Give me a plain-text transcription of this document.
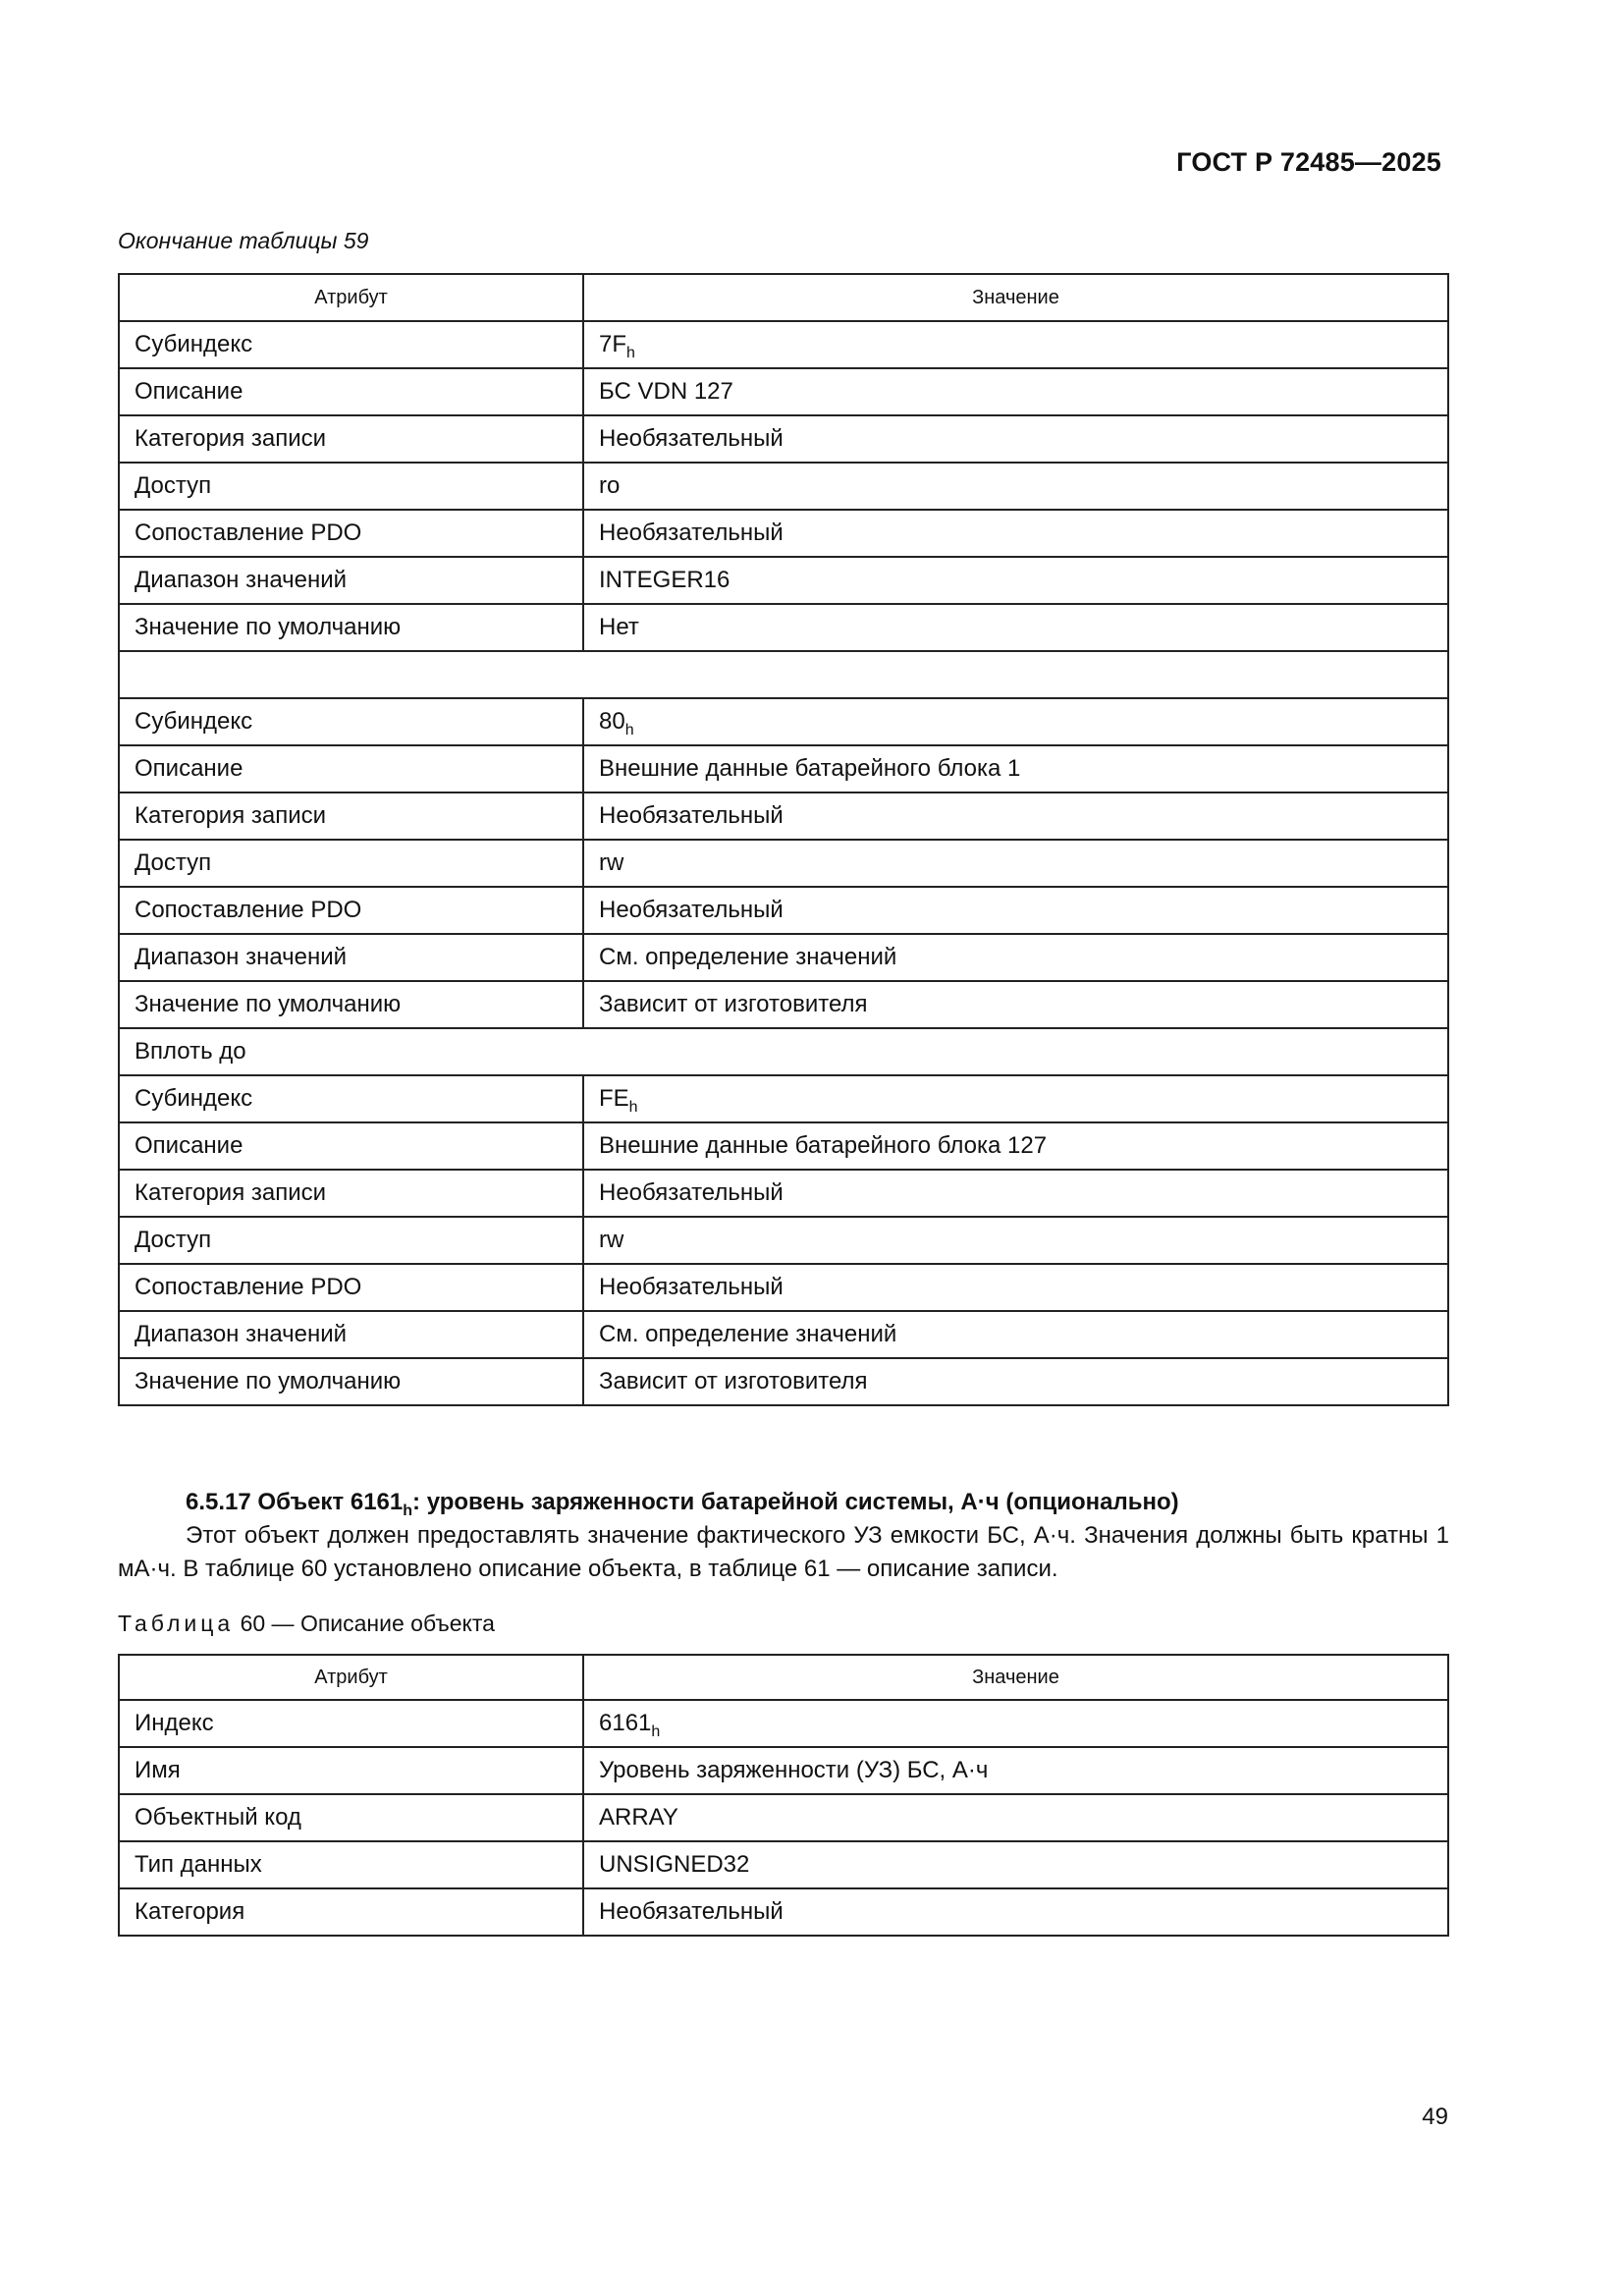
ГОСТ Р 72485—2025
Окончание таблицы 59
Атрибут	Значение
Субиндекс	$7F_h$
Описание	БС VDN 127
Категория записи	Необязательный
Доступ	ro
Сопоставление PDO	Необязательный
Диапазон значений	INTEGER16
Значение по умолчанию	Нет

Субиндекс	$80_h$
Описание	Внешние данные батарейного блока 1
Категория записи	Необязательный
Доступ	rw
Сопоставление PDO	Необязательный
Диапазон значений	См. определение значений
Значение по умолчанию	Зависит от изготовителя
Вплоть до	
Субиндекс	$FE_h$
Описание	Внешние данные батарейного блока 127
Категория записи	Необязательный
Доступ	rw
Сопоставление PDO	Необязательный
Диапазон значений	См. определение значений
Значение по умолчанию	Зависит от изготовителя
6.5.17 Объект $6161_h$: уровень заряженности батарейной системы, А·ч (опционально)
Этот объект должен предоставлять значение фактического УЗ емкости БС, А·ч. Значения должны быть кратны 1 мА·ч. В таблице 60 установлено описание объекта, в таблице 61 — описание записи.
Таблица 60 — Описание объекта
Атрибут	Значение
Индекс	$6161_h$
Имя	Уровень заряженности (УЗ) БС, А·ч
Объектный код	ARRAY
Тип данных	UNSIGNED32
Категория	Необязательный
49
